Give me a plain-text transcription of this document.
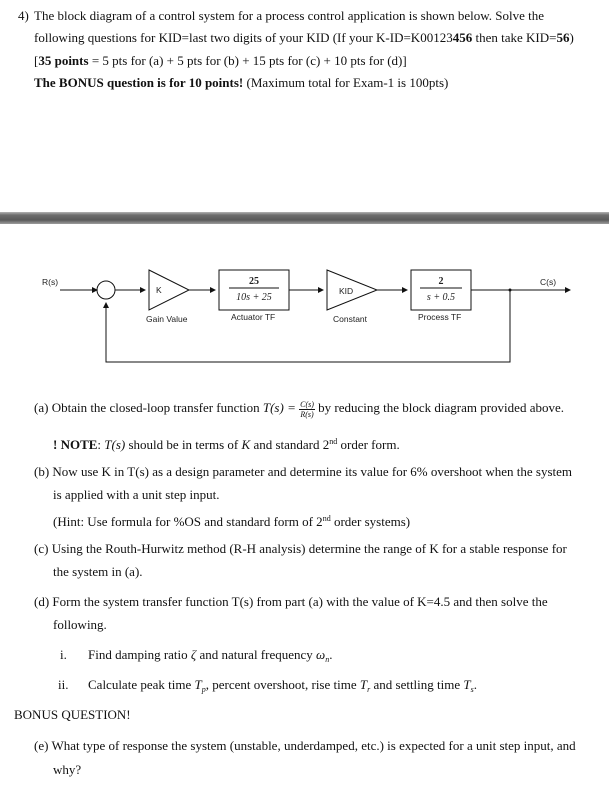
4) The block diagram of a control system for a process control application is shown below. Solve the
following questions for KID=last two digits of your KID (If your K-ID=K00123456 then take KID=56)
[35 points = 5 pts for (a) + 5 pts for (b) + 15 pts for (c) + 10 pts for (d)]
The BONUS question is for 10 points! (Maximum total for Exam-1 is 100pts)
R(s)	C(s)
K
Gain Value
25
10s + 25
Actuator TF
KID
Constant
2
s + 0.5
Process TF
(a) Obtain the closed-loop transfer function $T(s) = \frac{C(s)}{R(s)}$ by reducing the block diagram provided above.
! NOTE: T(s) should be in terms of K and standard 2nd order form.
(b) Now use K in T(s) as a design parameter and determine its value for 6% overshoot when the system
is applied with a unit step input.
(Hint: Use formula for %OS and standard form of 2nd order systems)
(c) Using the Routh-Hurwitz method (R-H analysis) determine the range of K for a stable response for
the system in (a).
(d) Form the system transfer function T(s) from part (a) with the value of K=4.5 and then solve the
following.
i. Find damping ratio ζ and natural frequency $\omega_n$.
ii. Calculate peak time $T_p$, percent overshoot, rise time $T_r$ and settling time $T_s$.
BONUS QUESTION!
(e) What type of response the system (unstable, underdamped, etc.) is expected for a unit step input, and
why?
